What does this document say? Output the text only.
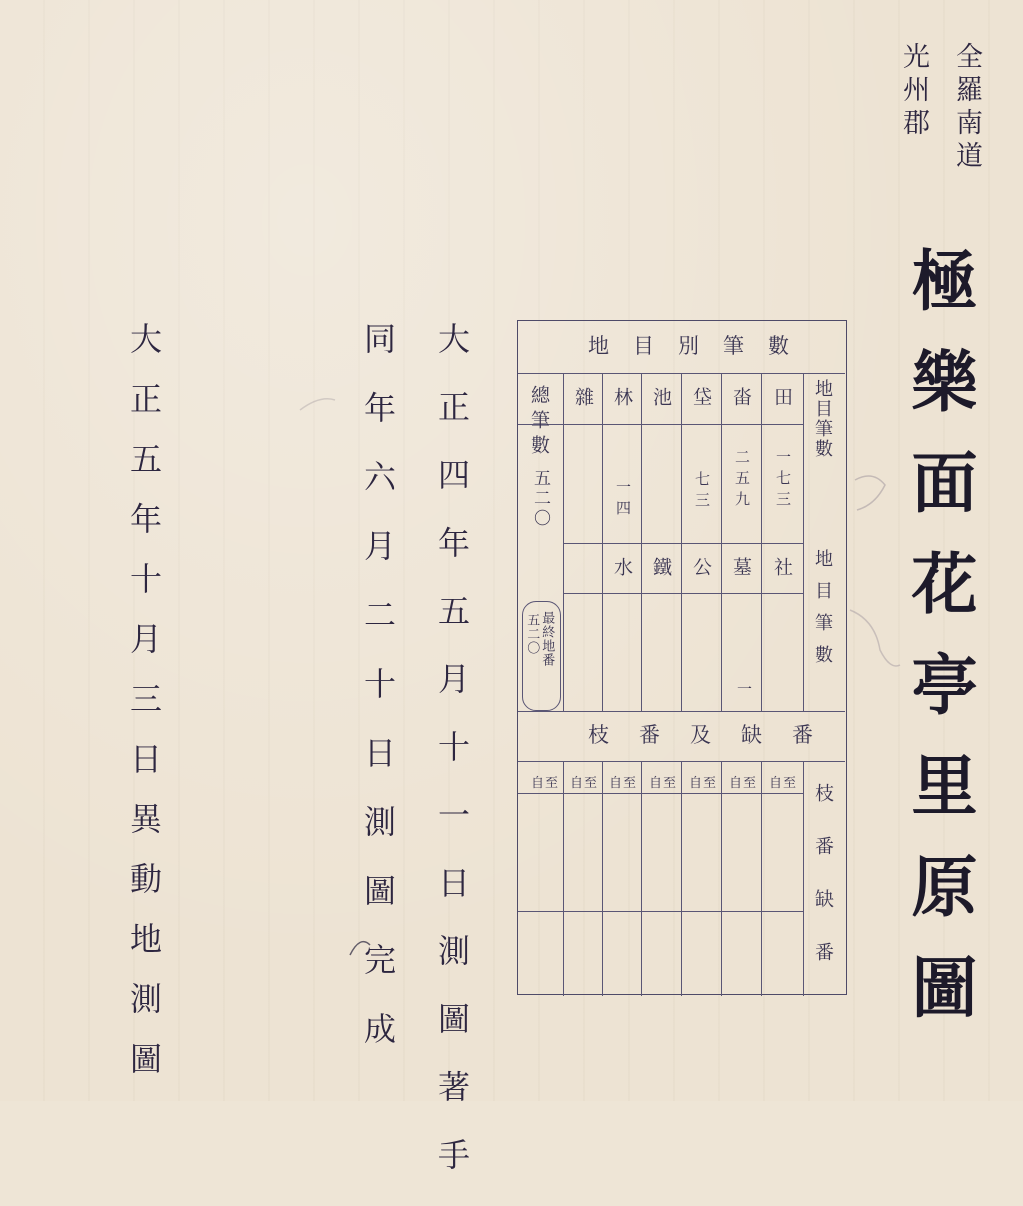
全羅南道
光州郡
極樂面花亭里原圖
大正四年五月十一日測圖著手
同年六月二十日測圖完成
大正五年十月三日異動地測圖	地目別筆數
地目筆數
地目筆數
田
畓
垈
池
林
雜
一七三
二五九
七三
一四
總筆數
五二〇
社
墓
公
鐵
水
一
最終地番
五二〇
枝番及缺番
枝番缺番
自至
自至
自至
自至
自至
自至
自至
